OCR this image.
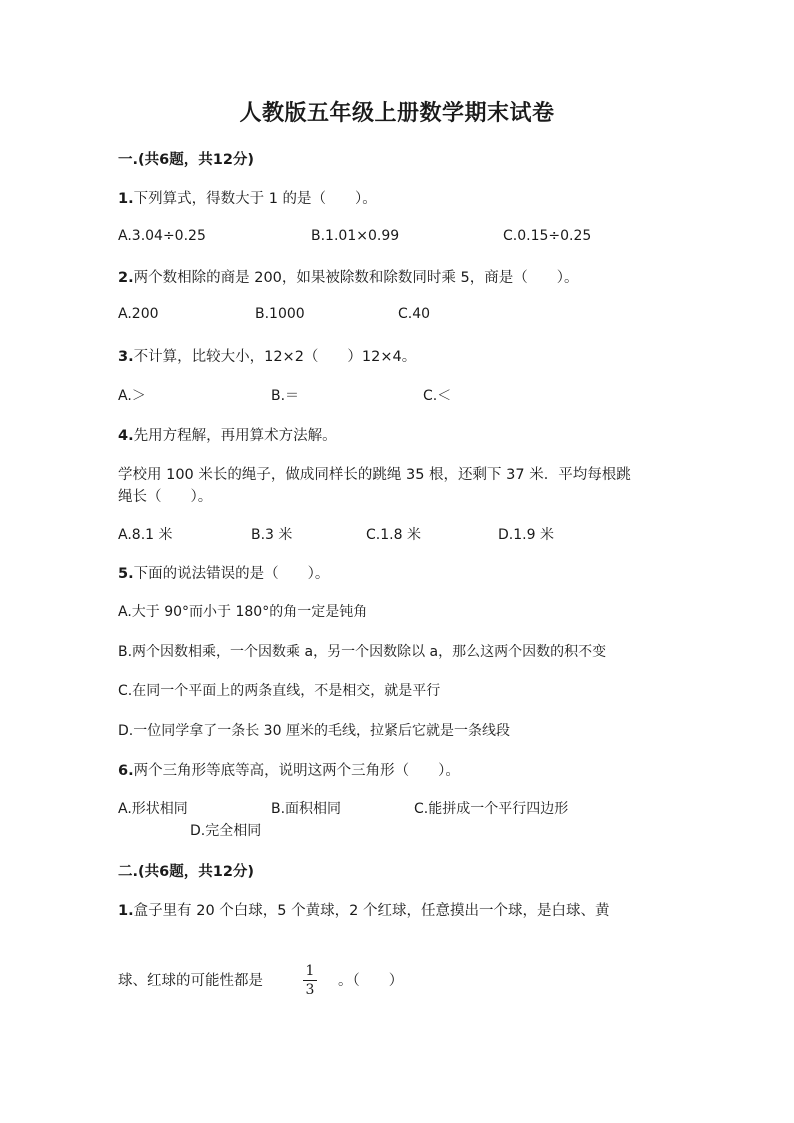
人教版五年级上册数学期末试卷
一.(共6题，共12分)
1.下列算式，得数大于 1 的是（　　）。
A.3.04÷0.25	B.1.01×0.99	C.0.15÷0.25
2.两个数相除的商是 200，如果被除数和除数同时乘 5，商是（　　）。
A.200	B.1000	C.40
3.不计算，比较大小，12×2（　　）12×4。
A.＞	B.＝	C.＜
4.先用方程解，再用算术方法解。
学校用 100 米长的绳子，做成同样长的跳绳 35 根，还剩下 37 米．平均每根跳
绳长（　　）。
A.8.1 米	B.3 米	C.1.8 米	D.1.9 米
5.下面的说法错误的是（　　）。
A.大于 90°而小于 180°的角一定是钝角
B.两个因数相乘，一个因数乘 a，另一个因数除以 a，那么这两个因数的积不变
C.在同一个平面上的两条直线，不是相交，就是平行
D.一位同学拿了一条长 30 厘米的毛线，拉紧后它就是一条线段
6.两个三角形等底等高，说明这两个三角形（　　）。
A.形状相同	B.面积相同	C.能拼成一个平行四边形
D.完全相同
二.(共6题，共12分)
1.盒子里有 20 个白球，5 个黄球，2 个红球，任意摸出一个球，是白球、黄
球、红球的可能性都是
1
3
。（　　）
